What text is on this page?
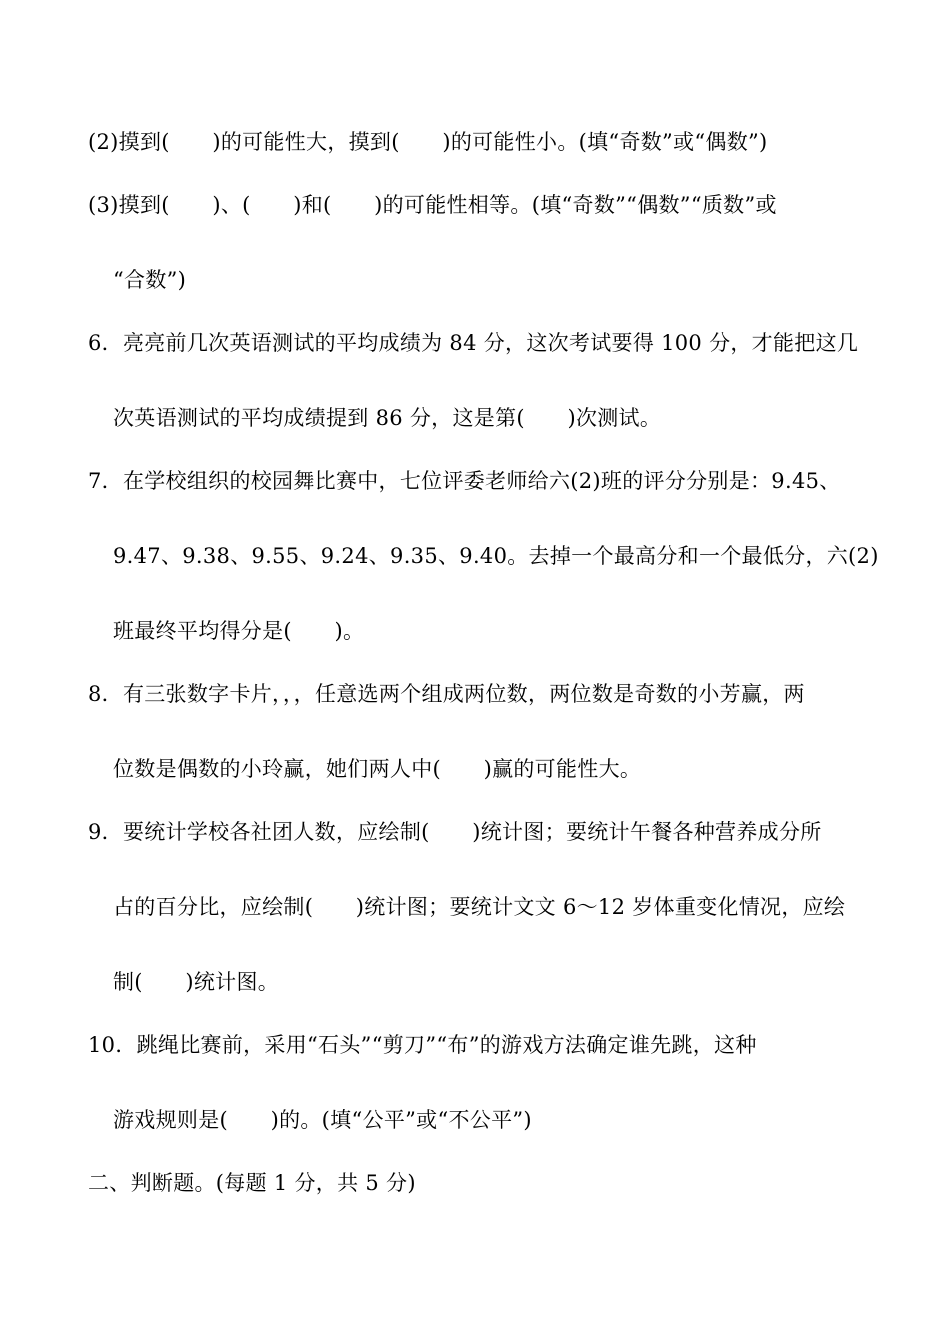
(2)摸到(　　)的可能性大，摸到(　　)的可能性小。(填“奇数”或“偶数”)
(3)摸到(　　)、(　　)和(　　)的可能性相等。(填“奇数”“偶数”“质数”或
“合数”)
6．亮亮前几次英语测试的平均成绩为 84 分，这次考试要得 100 分，才能把这几
次英语测试的平均成绩提到 86 分，这是第(　　)次测试。
7．在学校组织的校园舞比赛中，七位评委老师给六(2)班的评分分别是：9.45、
9.47、9.38、9.55、9.24、9.35、9.40。去掉一个最高分和一个最低分，六(2)
班最终平均得分是(　　)。
8．有三张数字卡片，，，任意选两个组成两位数，两位数是奇数的小芳赢，两
位数是偶数的小玲赢，她们两人中(　　)赢的可能性大。
9．要统计学校各社团人数，应绘制(　　)统计图；要统计午餐各种营养成分所
占的百分比，应绘制(　　)统计图；要统计文文 6～12 岁体重变化情况，应绘
制(　　)统计图。
10．跳绳比赛前，采用“石头”“剪刀”“布”的游戏方法确定谁先跳，这种
游戏规则是(　　)的。(填“公平”或“不公平”)
二、判断题。(每题 1 分，共 5 分)
